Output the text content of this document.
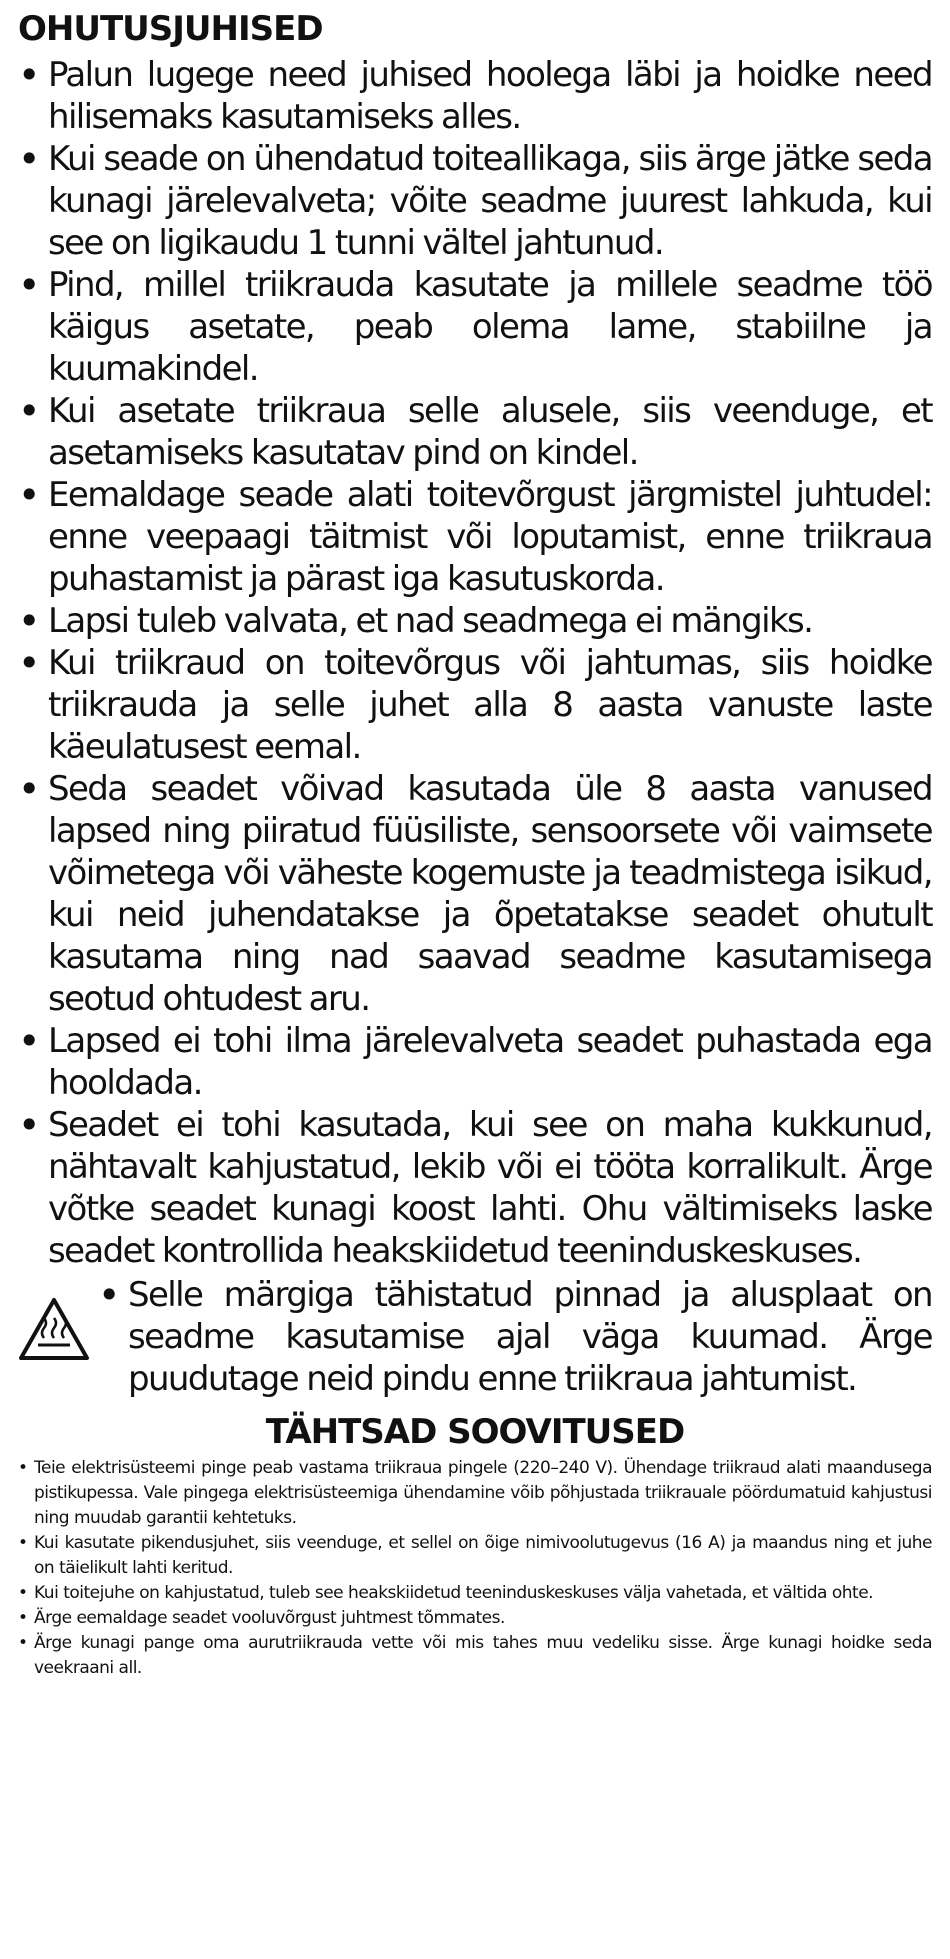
OHUTUSJUHISED
• Palun lugege need juhised hoolega läbi ja hoidke need hilisemaks kasutamiseks alles.
• Kui seade on ühendatud toiteallikaga, siis ärge jätke seda kunagi järelevalveta; võite seadme juurest lahkuda, kui see on ligikaudu 1 tunni vältel jahtunud.
• Pind, millel triikrauda kasutate ja millele seadme töö käigus asetate, peab olema lame, stabiilne ja kuumakindel.
• Kui asetate triikraua selle alusele, siis veenduge, et asetamiseks kasutatav pind on kindel.
• Eemaldage seade alati toitevõrgust järgmistel juhtudel: enne veepaagi täitmist või loputamist, enne triikraua puhastamist ja pärast iga kasutuskorda.
• Lapsi tuleb valvata, et nad seadmega ei mängiks.
• Kui triikraud on toitevõrgus või jahtumas, siis hoidke triikrauda ja selle juhet alla 8 aasta vanuste laste käeulatusest eemal.
• Seda seadet võivad kasutada üle 8 aasta vanused lapsed ning piiratud füüsiliste, sensoorsete või vaimsete võimetega või väheste kogemuste ja teadmistega isikud, kui neid juhendatakse ja õpetatakse seadet ohutult kasutama ning nad saavad seadme kasutamisega seotud ohtudest aru.
• Lapsed ei tohi ilma järelevalveta seadet puhastada ega hooldada.
• Seadet ei tohi kasutada, kui see on maha kukkunud, nähtavalt kahjustatud, lekib või ei tööta korralikult. Ärge võtke seadet kunagi koost lahti. Ohu vältimiseks laske seadet kontrollida heakskiidetud teeninduskeskuses.
• Selle märgiga tähistatud pinnad ja alusplaat on seadme kasutamise ajal väga kuumad. Ärge puudutage neid pindu enne triikraua jahtumist.
TÄHTSAD SOOVITUSED
• Teie elektrisüsteemi pinge peab vastama triikraua pingele (220–240 V). Ühendage triikraud alati maandusega pistikupessa. Vale pingega elektrisüsteemiga ühendamine võib põhjustada triikrauale pöördumatuid kahjustusi ning muudab garantii kehtetuks.
• Kui kasutate pikendusjuhet, siis veenduge, et sellel on õige nimivoolutugevus (16 A) ja maandus ning et juhe on täielikult lahti keritud.
• Kui toitejuhe on kahjustatud, tuleb see heakskiidetud teeninduskeskuses välja vahetada, et vältida ohte.
• Ärge eemaldage seadet vooluvõrgust juhtmest tõmmates.
• Ärge kunagi pange oma aurutriikrauda vette või mis tahes muu vedeliku sisse. Ärge kunagi hoidke seda veekraani all.
